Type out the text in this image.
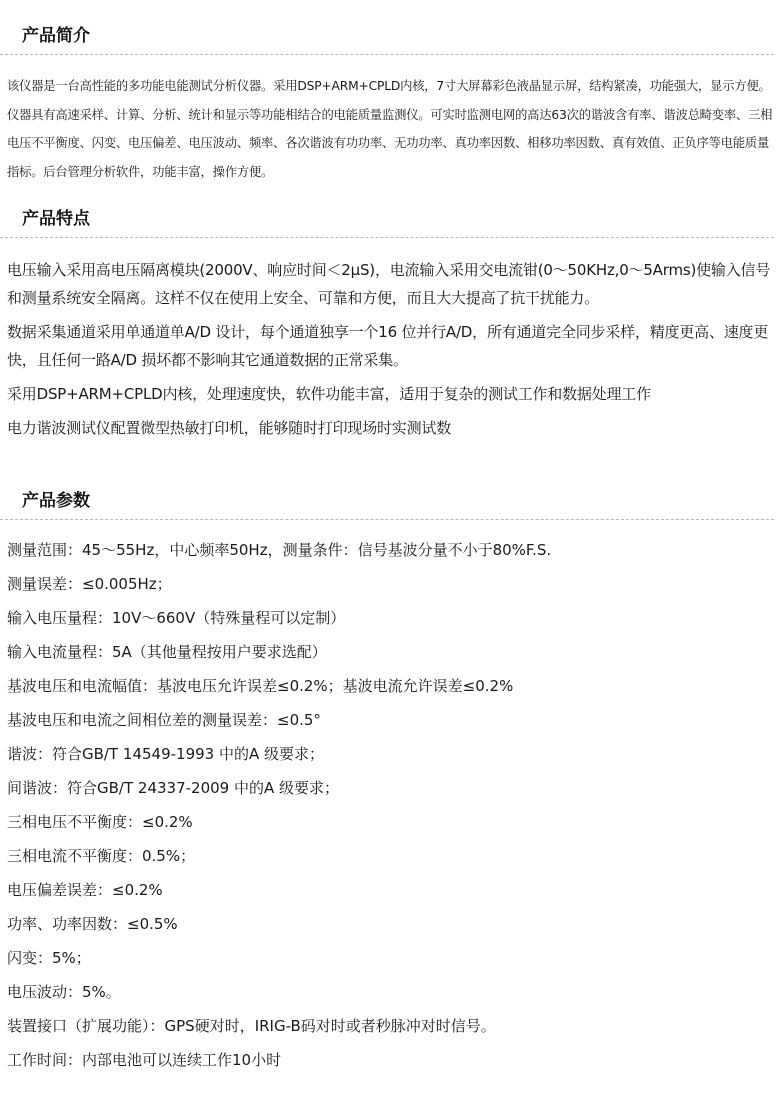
产品简介
该仪器是一台高性能的多功能电能测试分析仪器。采用DSP+ARM+CPLD内核，7寸大屏幕彩色液晶显示屏，结构紧凑，功能强大，显示方便。仪器具有高速采样、计算、分析、统计和显示等功能相结合的电能质量监测仪。可实时监测电网的高达63次的谐波含有率、谐波总畸变率、三相电压不平衡度、闪变、电压偏差、电压波动、频率、各次谐波有功功率、无功功率、真功率因数、相移功率因数、真有效值、正负序等电能质量指标。后台管理分析软件，功能丰富，操作方便。
产品特点

电压输入采用高电压隔离模块(2000V、响应时间＜2μS)，电流输入采用交电流钳(0～50KHz,0～5Arms)使输入信号和测量系统安全隔离。这样不仅在使用上安全、可靠和方便，而且大大提高了抗干扰能力。

数据采集通道采用单通道单A/D 设计，每个通道独享一个16 位并行A/D，所有通道完全同步采样，精度更高、速度更快，且任何一路A/D 损坏都不影响其它通道数据的正常采集。

采用DSP+ARM+CPLD内核，处理速度快，软件功能丰富，适用于复杂的测试工作和数据处理工作

电力谐波测试仪配置微型热敏打印机，能够随时打印现场时实测试数

产品参数
测量范围：45～55Hz，中心频率50Hz，测量条件：信号基波分量不小于80%F.S.
测量误差：≤0.005Hz；
输入电压量程：10V～660V（特殊量程可以定制）
输入电流量程：5A（其他量程按用户要求选配）
基波电压和电流幅值：基波电压允许误差≤0.2%；基波电流允许误差≤0.2%
基波电压和电流之间相位差的测量误差：≤0.5°
谐波：符合GB/T 14549-1993 中的A 级要求；
间谐波：符合GB/T 24337-2009 中的A 级要求；
三相电压不平衡度：≤0.2%
三相电流不平衡度：0.5%；
电压偏差误差：≤0.2%
功率、功率因数：≤0.5%
闪变：5%；
电压波动：5%。
装置接口（扩展功能）：GPS硬对时，IRIG-B码对时或者秒脉冲对时信号。
工作时间：内部电池可以连续工作10小时
